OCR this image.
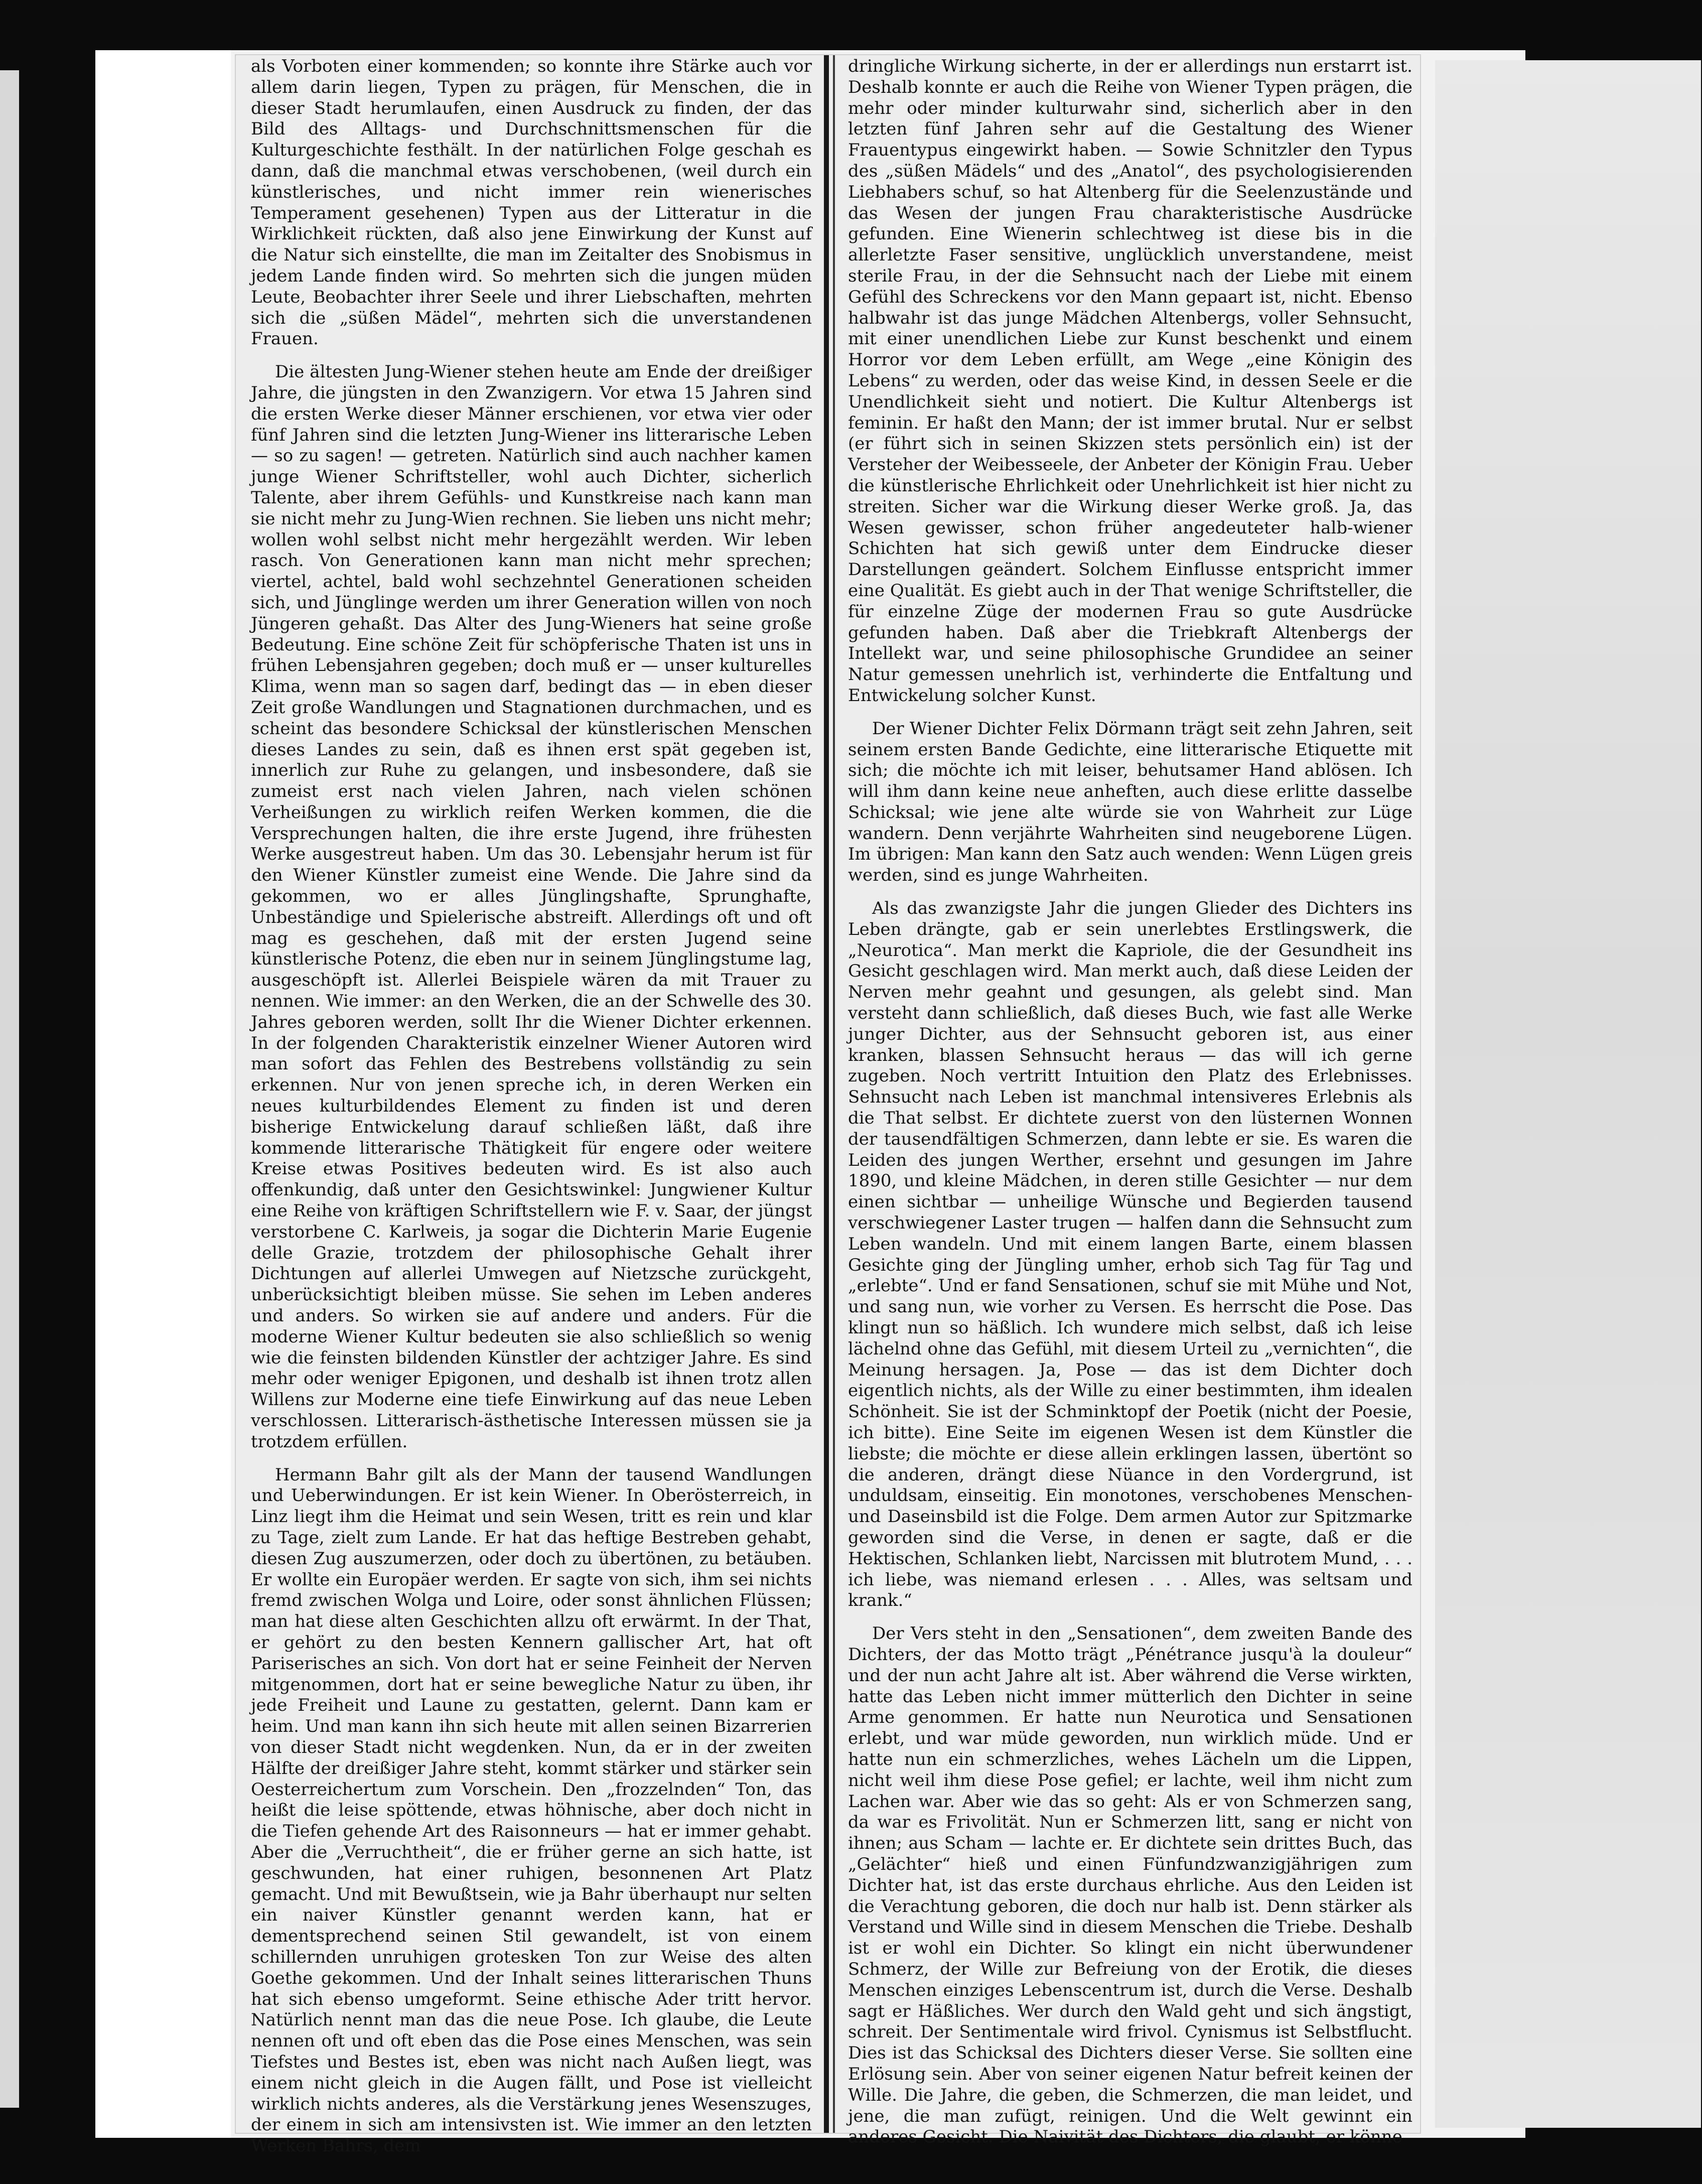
als Vorboten einer kommenden; so konnte ihre Stärke auch vor allem darin liegen, Typen zu prägen, für Menschen, die in dieser Stadt herumlaufen, einen Ausdruck zu finden, der das Bild des Alltags- und Durchschnittsmenschen für die Kulturgeschichte festhält. In der natürlichen Folge geschah es dann, daß die manchmal etwas verschobenen, (weil durch ein künstlerisches, und nicht immer rein wienerisches Temperament gesehenen) Typen aus der Litteratur in die Wirklichkeit rückten, daß also jene Einwirkung der Kunst auf die Natur sich einstellte, die man im Zeitalter des Snobismus in jedem Lande finden wird. So mehrten sich die jungen müden Leute, Beobachter ihrer Seele und ihrer Liebschaften, mehrten sich die „süßen Mädel“, mehrten sich die unverstandenen Frauen.

Die ältesten Jung-Wiener stehen heute am Ende der dreißiger Jahre, die jüngsten in den Zwanzigern. Vor etwa 15 Jahren sind die ersten Werke dieser Männer erschienen, vor etwa vier oder fünf Jahren sind die letzten Jung-Wiener ins litterarische Leben — so zu sagen! — getreten. Natürlich sind auch nachher kamen junge Wiener Schriftsteller, wohl auch Dichter, sicherlich Talente, aber ihrem Gefühls- und Kunstkreise nach kann man sie nicht mehr zu Jung-Wien rechnen. Sie lieben uns nicht mehr; wollen wohl selbst nicht mehr hergezählt werden. Wir leben rasch. Von Generationen kann man nicht mehr sprechen; viertel, achtel, bald wohl sechzehntel Generationen scheiden sich, und Jünglinge werden um ihrer Generation willen von noch Jüngeren gehaßt. Das Alter des Jung-Wieners hat seine große Bedeutung. Eine schöne Zeit für schöpferische Thaten ist uns in frühen Lebensjahren gegeben; doch muß er — unser kulturelles Klima, wenn man so sagen darf, bedingt das — in eben dieser Zeit große Wandlungen und Stagnationen durchmachen, und es scheint das besondere Schicksal der künstlerischen Menschen dieses Landes zu sein, daß es ihnen erst spät gegeben ist, innerlich zur Ruhe zu gelangen, und insbesondere, daß sie zumeist erst nach vielen Jahren, nach vielen schönen Verheißungen zu wirklich reifen Werken kommen, die die Versprechungen halten, die ihre erste Jugend, ihre frühesten Werke ausgestreut haben. Um das 30. Lebensjahr herum ist für den Wiener Künstler zumeist eine Wende. Die Jahre sind da gekommen, wo er alles Jünglingshafte, Sprunghafte, Unbeständige und Spielerische abstreift. Allerdings oft und oft mag es geschehen, daß mit der ersten Jugend seine künstlerische Potenz, die eben nur in seinem Jünglingstume lag, ausgeschöpft ist. Allerlei Beispiele wären da mit Trauer zu nennen. Wie immer: an den Werken, die an der Schwelle des 30. Jahres geboren werden, sollt Ihr die Wiener Dichter erkennen. In der folgenden Charakteristik einzelner Wiener Autoren wird man sofort das Fehlen des Bestrebens vollständig zu sein erkennen. Nur von jenen spreche ich, in deren Werken ein neues kulturbildendes Element zu finden ist und deren bisherige Entwickelung darauf schließen läßt, daß ihre kommende litterarische Thätigkeit für engere oder weitere Kreise etwas Positives bedeuten wird. Es ist also auch offenkundig, daß unter den Gesichtswinkel: Jungwiener Kultur eine Reihe von kräftigen Schriftstellern wie F. v. Saar, der jüngst verstorbene C. Karlweis, ja sogar die Dichterin Marie Eugenie delle Grazie, trotzdem der philosophische Gehalt ihrer Dichtungen auf allerlei Umwegen auf Nietzsche zurückgeht, unberücksichtigt bleiben müsse. Sie sehen im Leben anderes und anders. So wirken sie auf andere und anders. Für die moderne Wiener Kultur bedeuten sie also schließlich so wenig wie die feinsten bildenden Künstler der achtziger Jahre. Es sind mehr oder weniger Epigonen, und deshalb ist ihnen trotz allen Willens zur Moderne eine tiefe Einwirkung auf das neue Leben verschlossen. Litterarisch-ästhetische Interessen müssen sie ja trotzdem erfüllen.

Hermann Bahr gilt als der Mann der tausend Wandlungen und Ueberwindungen. Er ist kein Wiener. In Oberösterreich, in Linz liegt ihm die Heimat und sein Wesen, tritt es rein und klar zu Tage, zielt zum Lande. Er hat das heftige Bestreben gehabt, diesen Zug auszumerzen, oder doch zu übertönen, zu betäuben. Er wollte ein Europäer werden. Er sagte von sich, ihm sei nichts fremd zwischen Wolga und Loire, oder sonst ähnlichen Flüssen; man hat diese alten Geschichten allzu oft erwärmt. In der That, er gehört zu den besten Kennern gallischer Art, hat oft Pariserisches an sich. Von dort hat er seine Feinheit der Nerven mitgenommen, dort hat er seine bewegliche Natur zu üben, ihr jede Freiheit und Laune zu gestatten, gelernt. Dann kam er heim. Und man kann ihn sich heute mit allen seinen Bizarrerien von dieser Stadt nicht wegdenken. Nun, da er in der zweiten Hälfte der dreißiger Jahre steht, kommt stärker und stärker sein Oesterreichertum zum Vorschein. Den „frozzelnden“ Ton, das heißt die leise spöttende, etwas höhnische, aber doch nicht in die Tiefen gehende Art des Raisonneurs — hat er immer gehabt. Aber die „Verruchtheit“, die er früher gerne an sich hatte, ist geschwunden, hat einer ruhigen, besonnenen Art Platz gemacht. Und mit Bewußtsein, wie ja Bahr überhaupt nur selten ein naiver Künstler genannt werden kann, hat er dementsprechend seinen Stil gewandelt, ist von einem schillernden unruhigen grotesken Ton zur Weise des alten Goethe gekommen. Und der Inhalt seines litterarischen Thuns hat sich ebenso umgeformt. Seine ethische Ader tritt hervor. Natürlich nennt man das die neue Pose. Ich glaube, die Leute nennen oft und oft eben das die Pose eines Menschen, was sein Tiefstes und Bestes ist, eben was nicht nach Außen liegt, was einem nicht gleich in die Augen fällt, und Pose ist vielleicht wirklich nichts anderes, als die Verstärkung jenes Wesenszuges, der einem in sich am intensivsten ist. Wie immer an den letzten Werken Bahrs, dem

dringliche Wirkung sicherte, in der er allerdings nun erstarrt ist. Deshalb konnte er auch die Reihe von Wiener Typen prägen, die mehr oder minder kulturwahr sind, sicherlich aber in den letzten fünf Jahren sehr auf die Gestaltung des Wiener Frauentypus eingewirkt haben. — Sowie Schnitzler den Typus des „süßen Mädels“ und des „Anatol“, des psychologisierenden Liebhabers schuf, so hat Altenberg für die Seelenzustände und das Wesen der jungen Frau charakteristische Ausdrücke gefunden. Eine Wienerin schlechtweg ist diese bis in die allerletzte Faser sensitive, unglücklich unverstandene, meist sterile Frau, in der die Sehnsucht nach der Liebe mit einem Gefühl des Schreckens vor den Mann gepaart ist, nicht. Ebenso halbwahr ist das junge Mädchen Altenbergs, voller Sehnsucht, mit einer unendlichen Liebe zur Kunst beschenkt und einem Horror vor dem Leben erfüllt, am Wege „eine Königin des Lebens“ zu werden, oder das weise Kind, in dessen Seele er die Unendlichkeit sieht und notiert. Die Kultur Altenbergs ist feminin. Er haßt den Mann; der ist immer brutal. Nur er selbst (er führt sich in seinen Skizzen stets persönlich ein) ist der Versteher der Weibesseele, der Anbeter der Königin Frau. Ueber die künstlerische Ehrlichkeit oder Unehrlichkeit ist hier nicht zu streiten. Sicher war die Wirkung dieser Werke groß. Ja, das Wesen gewisser, schon früher angedeuteter halb-wiener Schichten hat sich gewiß unter dem Eindrucke dieser Darstellungen geändert. Solchem Einflusse entspricht immer eine Qualität. Es giebt auch in der That wenige Schriftsteller, die für einzelne Züge der modernen Frau so gute Ausdrücke gefunden haben. Daß aber die Triebkraft Altenbergs der Intellekt war, und seine philosophische Grundidee an seiner Natur gemessen unehrlich ist, verhinderte die Entfaltung und Entwickelung solcher Kunst.

Der Wiener Dichter Felix Dörmann trägt seit zehn Jahren, seit seinem ersten Bande Gedichte, eine litterarische Etiquette mit sich; die möchte ich mit leiser, behutsamer Hand ablösen. Ich will ihm dann keine neue anheften, auch diese erlitte dasselbe Schicksal; wie jene alte würde sie von Wahrheit zur Lüge wandern. Denn verjährte Wahrheiten sind neugeborene Lügen. Im übrigen: Man kann den Satz auch wenden: Wenn Lügen greis werden, sind es junge Wahrheiten.

Als das zwanzigste Jahr die jungen Glieder des Dichters ins Leben drängte, gab er sein unerlebtes Erstlingswerk, die „Neurotica“. Man merkt die Kapriole, die der Gesundheit ins Gesicht geschlagen wird. Man merkt auch, daß diese Leiden der Nerven mehr geahnt und gesungen, als gelebt sind. Man versteht dann schließlich, daß dieses Buch, wie fast alle Werke junger Dichter, aus der Sehnsucht geboren ist, aus einer kranken, blassen Sehnsucht heraus — das will ich gerne zugeben. Noch vertritt Intuition den Platz des Erlebnisses. Sehnsucht nach Leben ist manchmal intensiveres Erlebnis als die That selbst. Er dichtete zuerst von den lüsternen Wonnen der tausendfältigen Schmerzen, dann lebte er sie. Es waren die Leiden des jungen Werther, ersehnt und gesungen im Jahre 1890, und kleine Mädchen, in deren stille Gesichter — nur dem einen sichtbar — unheilige Wünsche und Begierden tausend verschwiegener Laster trugen — halfen dann die Sehnsucht zum Leben wandeln. Und mit einem langen Barte, einem blassen Gesichte ging der Jüngling umher, erhob sich Tag für Tag und „erlebte“. Und er fand Sensationen, schuf sie mit Mühe und Not, und sang nun, wie vorher zu Versen. Es herrscht die Pose. Das klingt nun so häßlich. Ich wundere mich selbst, daß ich leise lächelnd ohne das Gefühl, mit diesem Urteil zu „vernichten“, die Meinung hersagen. Ja, Pose — das ist dem Dichter doch eigentlich nichts, als der Wille zu einer bestimmten, ihm idealen Schönheit. Sie ist der Schminktopf der Poetik (nicht der Poesie, ich bitte). Eine Seite im eigenen Wesen ist dem Künstler die liebste; die möchte er diese allein erklingen lassen, übertönt so die anderen, drängt diese Nüance in den Vordergrund, ist unduldsam, einseitig. Ein monotones, verschobenes Menschen- und Daseinsbild ist die Folge. Dem armen Autor zur Spitzmarke geworden sind die Verse, in denen er sagte, daß er die Hektischen, Schlanken liebt, Narcissen mit blutrotem Mund, . . . ich liebe, was niemand erlesen . . . Alles, was seltsam und krank.“

Der Vers steht in den „Sensationen“, dem zweiten Bande des Dichters, der das Motto trägt „Pénétrance jusqu'à la douleur“ und der nun acht Jahre alt ist. Aber während die Verse wirkten, hatte das Leben nicht immer mütterlich den Dichter in seine Arme genommen. Er hatte nun Neurotica und Sensationen erlebt, und war müde geworden, nun wirklich müde. Und er hatte nun ein schmerzliches, wehes Lächeln um die Lippen, nicht weil ihm diese Pose gefiel; er lachte, weil ihm nicht zum Lachen war. Aber wie das so geht: Als er von Schmerzen sang, da war es Frivolität. Nun er Schmerzen litt, sang er nicht von ihnen; aus Scham — lachte er. Er dichtete sein drittes Buch, das „Gelächter“ hieß und einen Fünfundzwanzigjährigen zum Dichter hat, ist das erste durchaus ehrliche. Aus den Leiden ist die Verachtung geboren, die doch nur halb ist. Denn stärker als Verstand und Wille sind in diesem Menschen die Triebe. Deshalb ist er wohl ein Dichter. So klingt ein nicht überwundener Schmerz, der Wille zur Befreiung von der Erotik, die dieses Menschen einziges Lebenscentrum ist, durch die Verse. Deshalb sagt er Häßliches. Wer durch den Wald geht und sich ängstigt, schreit. Der Sentimentale wird frivol. Cynismus ist Selbstflucht. Dies ist das Schicksal des Dichters dieser Verse. Sie sollten eine Erlösung sein. Aber von seiner eigenen Natur befreit keinen der Wille. Die Jahre, die geben, die Schmerzen, die man leidet, und jene, die man zufügt, reinigen. Und die Welt gewinnt ein anderes Gesicht. Die Naivität des Dichters, die glaubt, er könne
